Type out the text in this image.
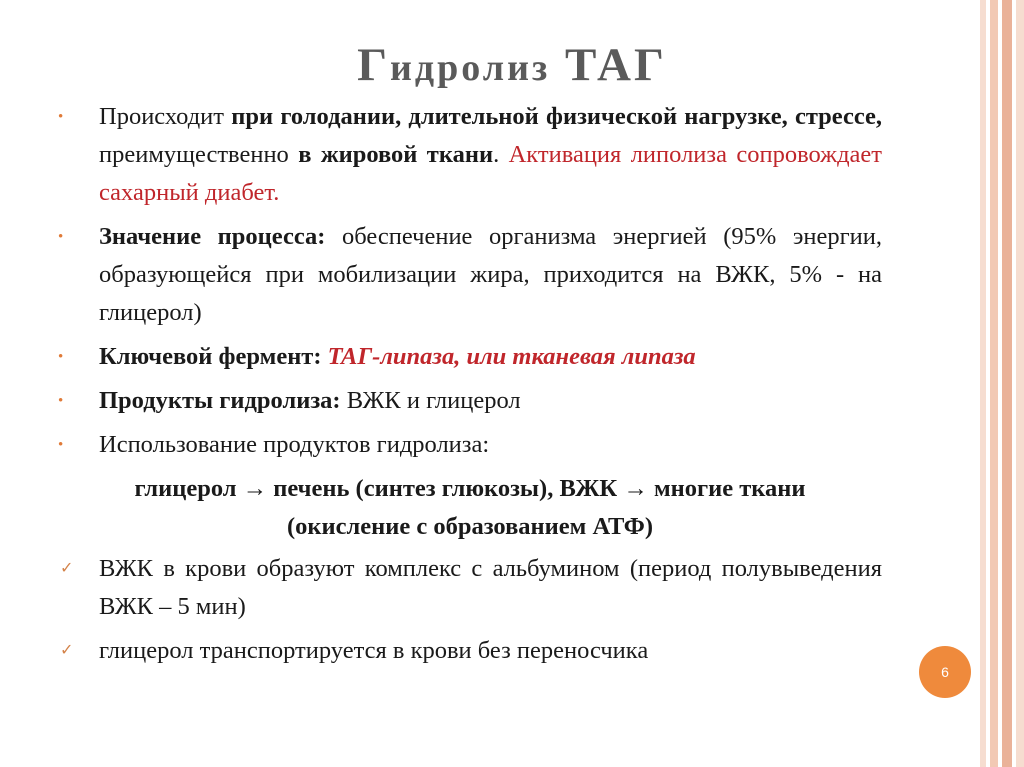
Гидролиз ТАГ
• Происходит при голодании, длительной физической нагрузке, стрессе, преимущественно в жировой ткани. Активация липолиза сопровождает сахарный диабет.
• Значение процесса: обеспечение организма энергией (95% энергии, образующейся при мобилизации жира, приходится на ВЖК, 5% - на глицерол)
• Ключевой фермент: ТАГ-липаза, или тканевая липаза
• Продукты гидролиза: ВЖК и глицерол
• Использование продуктов гидролиза:
глицерол → печень (синтез глюкозы), ВЖК → многие ткани (окисление с образованием АТФ)
✓ ВЖК в крови образуют комплекс с альбумином (период полувыведения ВЖК – 5 мин)
✓ глицерол транспортируется в крови без переносчика
6
